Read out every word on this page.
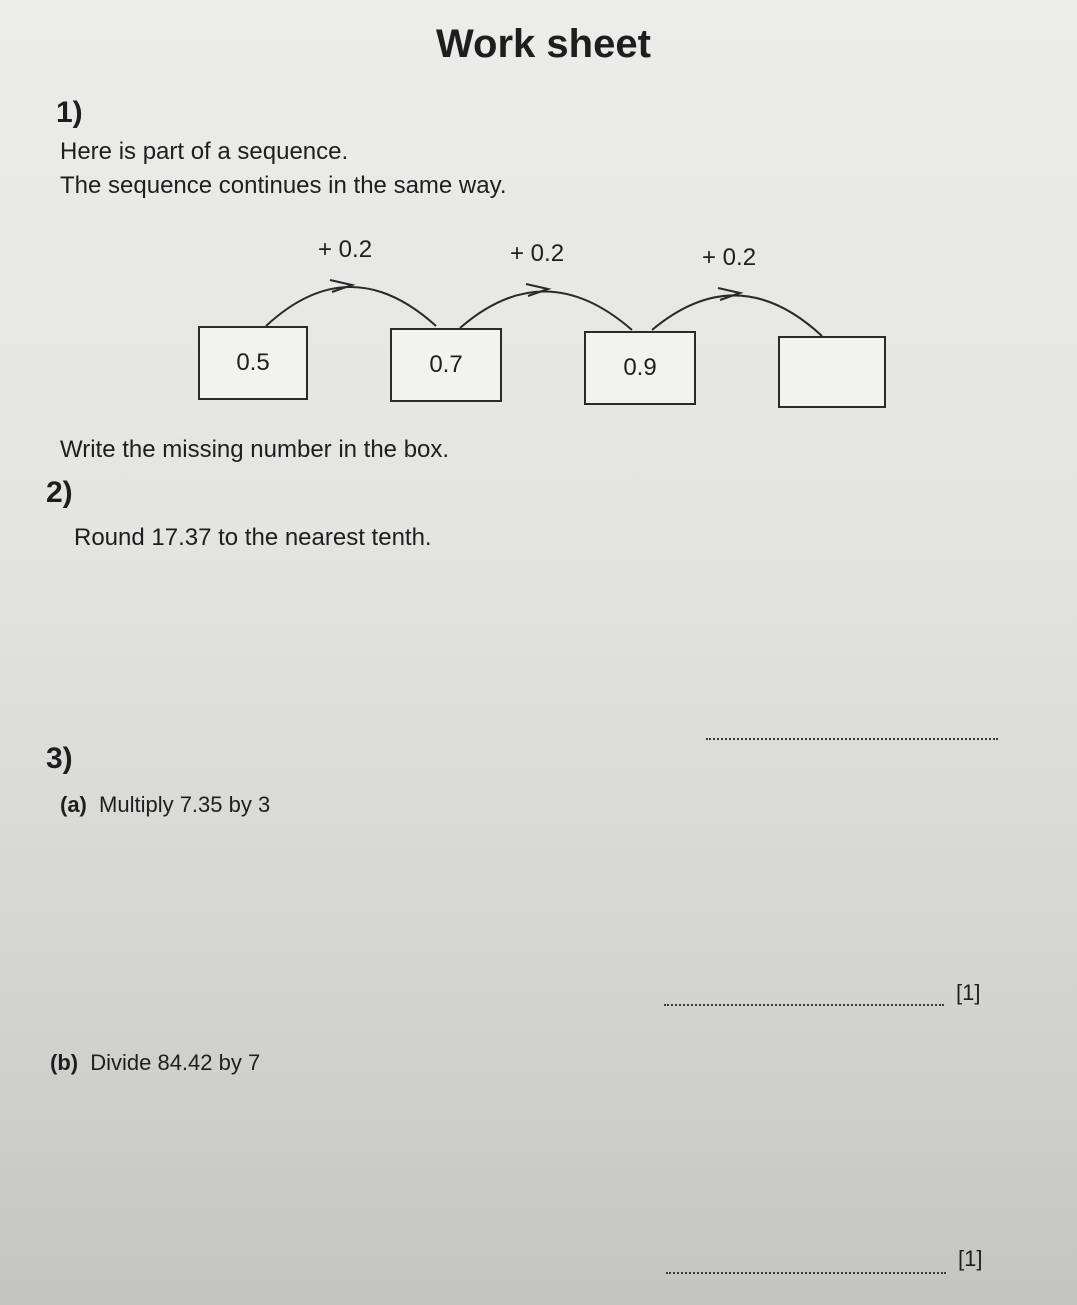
Work sheet
1)
Here is part of a sequence.
The sequence continues in the same way.
+ 0.2	+ 0.2	+ 0.2
0.5	0.7	0.9
Write the missing number in the box.
2)
Round 17.37 to the nearest tenth.
3)
(a) Multiply 7.35 by 3
[1]
(b) Divide 84.42 by 7
[1]
